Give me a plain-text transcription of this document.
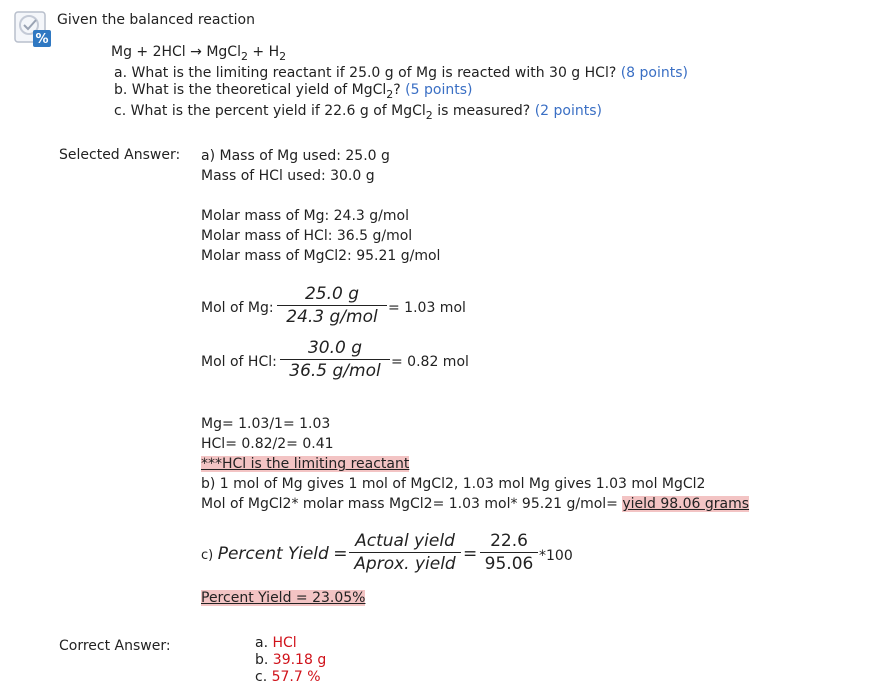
%
Given the balanced reaction
Mg + 2HCl → MgCl$_2$ + $H_2$
a. What is the limiting reactant if 25.0 g of Mg is reacted with 30 g HCl? (8 points)
b. What is the theoretical yield of MgCl$_2$? (5 points)
c. What is the percent yield if 22.6 g of MgCl$_2$ is measured? (2 points)
Selected Answer: a) Mass of Mg used: 25.0 g
Mass of HCl used: 30.0 g
Molar mass of Mg: 24.3 g/mol
Molar mass of HCl: 36.5 g/mol
Molar mass of MgCl2: 95.21 g/mol
Mol of Mg:
25.0 g
24.3 g/mol = 1.03 mol
Mol of HCl:
30.0 g
36.5 g/mol = 0.82 mol
Mg= 1.03/1= 1.03
HCl= 0.82/2= 0.41
***HCl is the limiting reactant
b) 1 mol of Mg gives 1 mol of MgCl2, 1.03 mol Mg gives 1.03 mol MgCl2
Mol of MgCl2* molar mass MgCl2= 1.03 mol* 95.21 g/mol= yield 98.06 grams
c) Percent Yield =
Actual yield
Aprox. yield =
22.6
95.06 *100
Percent Yield = 23.05%
Correct Answer:	a. HCl
b. 39.18 g
c. 57.7 %
